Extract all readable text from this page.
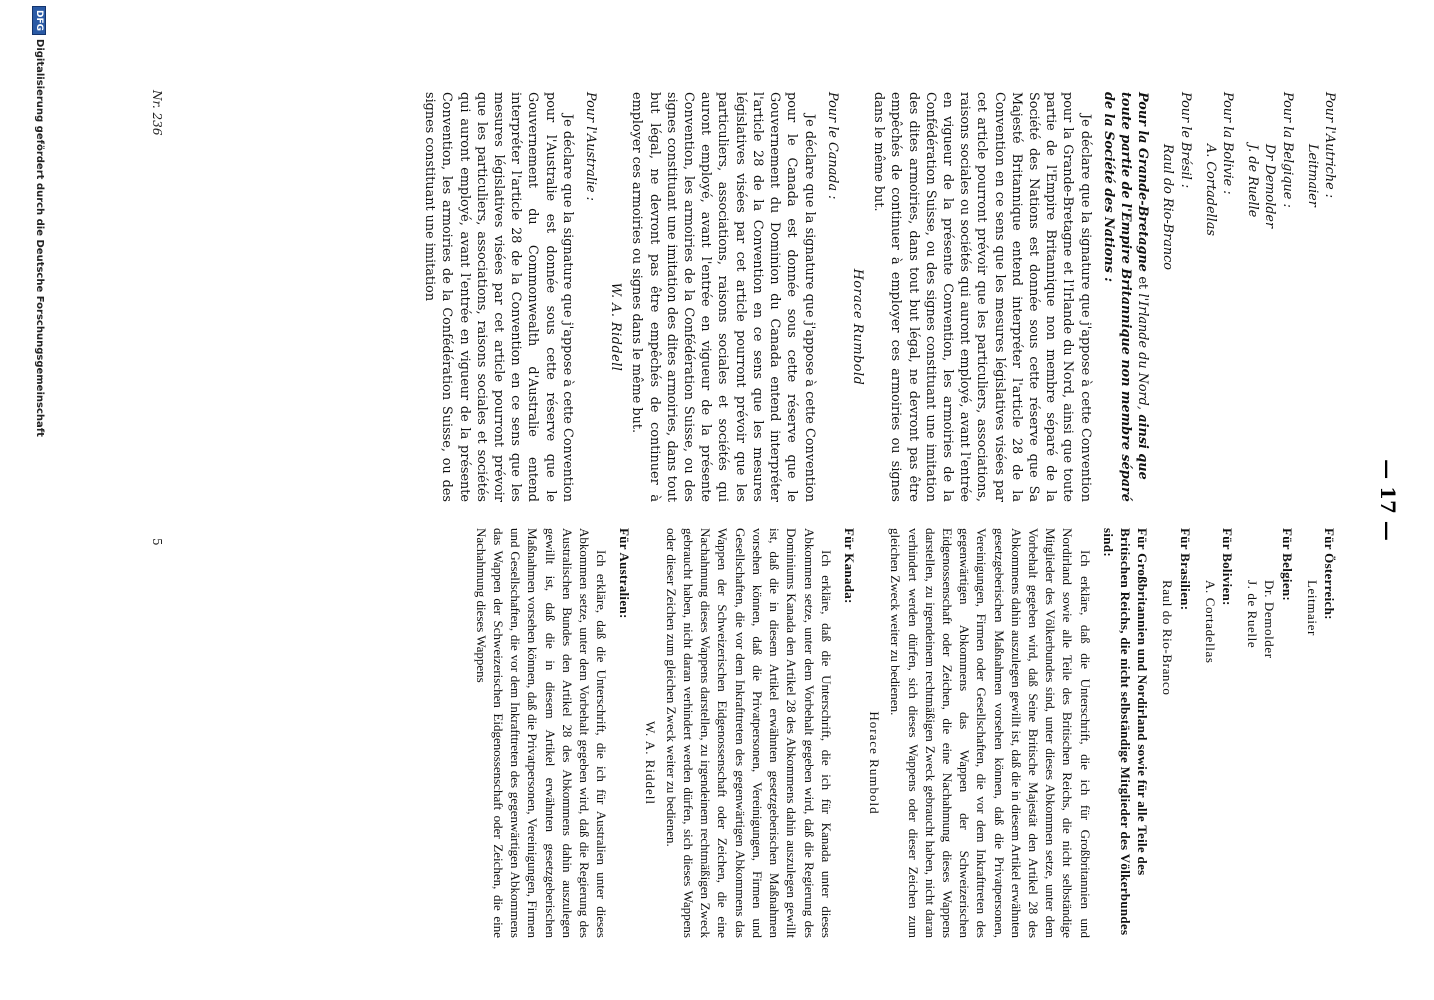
— 17 —

Pour l'Autriche :

Leitmaier

Pour la Belgique :

Dr Demolder

J. de Ruelle

Pour la Bolivie :

A. Cortadellas

Pour le Brésil :

Raul do Rio-Branco

Pour la Grande-Bretagne et l'Irlande du Nord, ainsi que toute partie de l'Empire Britannique non membre séparé de la Société des Nations :

Je déclare que la signature que j'appose à cette Convention pour la Grande-Bretagne et l'Irlande du Nord, ainsi que toute partie de l'Empire Britannique non membre séparé de la Société des Nations est donnée sous cette réserve que Sa Majesté Britannique entend interpréter l'article 28 de la Convention en ce sens que les mesures législatives visées par cet article pourront prévoir que les particuliers, associations, raisons sociales ou sociétés qui auront employé, avant l'entrée en vigueur de la présente Convention, les armoiries de la Confédération Suisse, ou des signes constituant une imitation des dites armoiries, dans tout but légal, ne devront pas être empêchés de continuer à employer ces armoiries ou signes dans le même but.

Horace Rumbold

Pour le Canada :

Je déclare que la signature que j'appose à cette Convention pour le Canada est donnée sous cette réserve que le Gouvernement du Dominion du Canada entend interpréter l'article 28 de la Convention en ce sens que les mesures législatives visées par cet article pourront prévoir que les particuliers, associations, raisons sociales et sociétés qui auront employé, avant l'entrée en vigueur de la présente Convention, les armoiries de la Confédération Suisse, ou des signes constituant une imitation des dites armoiries, dans tout but légal, ne devront pas être empêchés de continuer à employer ces armoiries ou signes dans le même but.

W. A. Riddell

Pour l'Australie :

Je déclare que la signature que j'appose à cette Convention pour l'Australie est donnée sous cette réserve que le Gouvernement du Commonwealth d'Australie entend interpréter l'article 28 de la Convention en ce sens que les mesures législatives visées par cet article pourront prévoir que les particuliers, associations, raisons sociales et sociétés qui auront employé, avant l'entrée en vigueur de la présente Convention, les armoiries de la Confédération Suisse, ou des signes constituant une imitation

Für Österreich:

Leitmaier

Für Belgien:

Dr. Demolder

J. de Ruelle

Für Bolivien:

A. Cortadellas

Für Brasilien:

Raul do Rio-Branco

Für Großbritannien und Nordirland sowie für alle Teile des Britischen Reichs, die nicht selbständige Mitglieder des Völkerbundes sind:

Ich erkläre, daß die Unterschrift, die ich für Großbritannien und Nordirland sowie alle Teile des Britischen Reichs, die nicht selbständige Mitglieder des Völkerbundes sind, unter dieses Abkommen setze, unter dem Vorbehalt gegeben wird, daß Seine Britische Majestät den Artikel 28 des Abkommens dahin auszulegen gewillt ist, daß die in diesem Artikel erwähnten gesetzgeberischen Maßnahmen vorsehen können, daß die Privatpersonen, Vereinigungen, Firmen oder Gesellschaften, die vor dem Inkrafttreten des gegenwärtigen Abkommens das Wappen der Schweizerischen Eidgenossenschaft oder Zeichen, die eine Nachahmung dieses Wappens darstellen, zu irgendeinem rechtmäßigen Zweck gebraucht haben, nicht daran verhindert werden dürfen, sich dieses Wappens oder dieser Zeichen zum gleichen Zweck weiter zu bedienen.

Horace Rumbold

Für Kanada:

Ich erkläre, daß die Unterschrift, die ich für Kanada unter dieses Abkommen setze, unter dem Vorbehalt gegeben wird, daß die Regierung des Dominiums Kanada den Artikel 28 des Abkommens dahin auszulegen gewillt ist, daß die in diesem Artikel erwähnten gesetzgeberischen Maßnahmen vorsehen können, daß die Privatpersonen, Vereinigungen, Firmen und Gesellschaften, die vor dem Inkrafttreten des gegenwärtigen Abkommens das Wappen der Schweizerischen Eidgenossenschaft oder Zeichen, die eine Nachahmung dieses Wappens darstellen, zu irgendeinem rechtmäßigen Zweck gebraucht haben, nicht daran verhindert werden dürfen, sich dieses Wappens oder dieser Zeichen zum gleichen Zweck weiter zu bedienen.

W. A. Riddell

Für Australien:

Ich erkläre, daß die Unterschrift, die ich für Australien unter dieses Abkommen setze, unter dem Vorbehalt gegeben wird, daß die Regierung des Australischen Bundes den Artikel 28 des Abkommens dahin auszulegen gewillt ist, daß die in diesem Artikel erwähnten gesetzgeberischen Maßnahmen vorsehen können, daß die Privatpersonen, Vereinigungen, Firmen und Gesellschaften, die vor dem Inkrafttreten des gegenwärtigen Abkommens das Wappen der Schweizerischen Eidgenossenschaft oder Zeichen, die eine Nachahmung dieses Wappens

Nr. 236
5
DFGDigitalisierung gefördert durch die Deutsche Forschungsgemeinschaft
